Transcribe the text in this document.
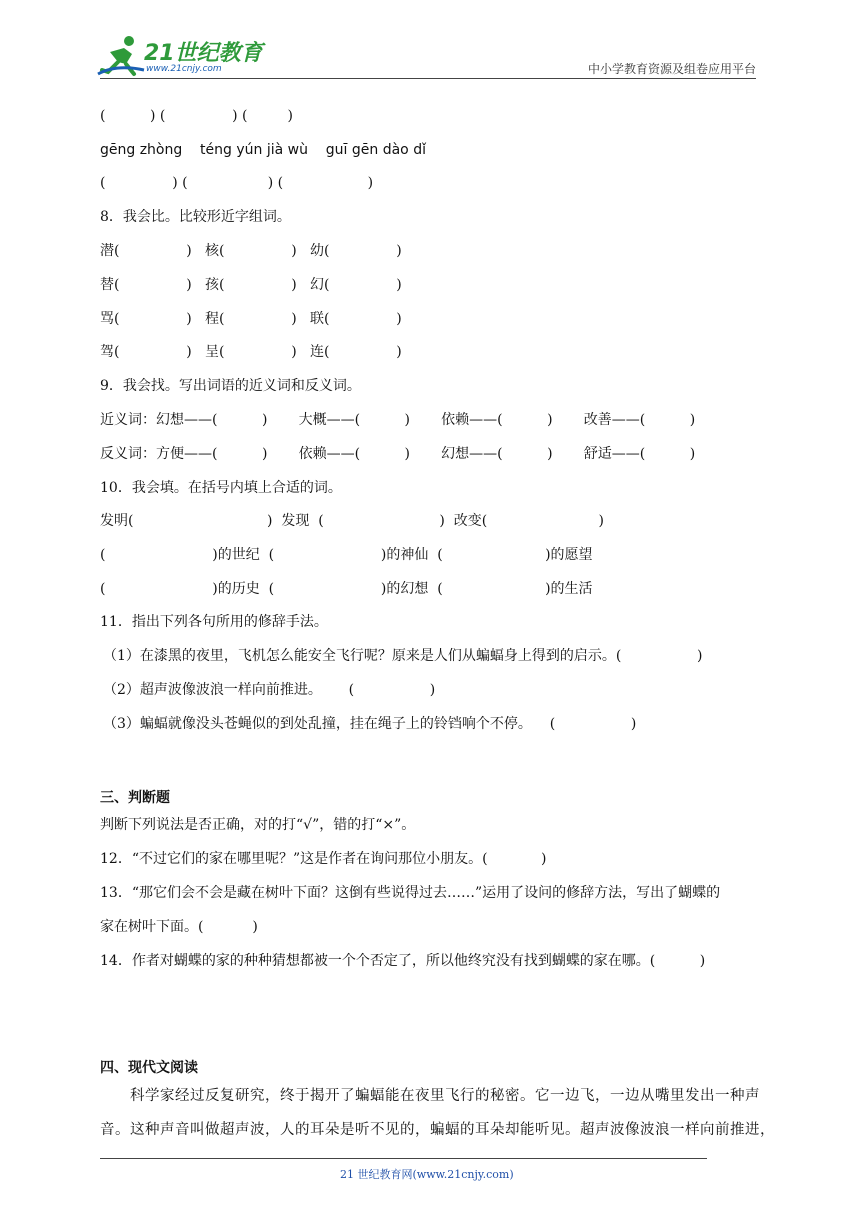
21世纪教育

www.21cnjy.com

	中小学教育资源及组卷应用平台
(          ) (               ) (         )
gēng zhòng    téng yún jià wù    guī gēn dào dǐ
(               ) (                  ) (                   )
8．我会比。比较形近字组词。
潜(               )   核(               )   幼(               )
替(               )   孩(               )   幻(               )
骂(               )   程(               )   联(               )
驾(               )   呈(               )   连(               )
9．我会找。写出词语的近义词和反义词。
近义词：幻想——(          )       大概——(          )       依赖——(          )       改善——(          )
反义词：方便——(          )       依赖——(          )       幻想——(          )       舒适——(          )
10．我会填。在括号内填上合适的词。
发明(                              )  发现  (                          )  改变(                         )
(                        )的世纪  (                        )的神仙  (                       )的愿望
(                        )的历史  (                        )的幻想  (                       )的生活
11．指出下列各句所用的修辞手法。
（1）在漆黑的夜里，飞机怎么能安全飞行呢？原来是人们从蝙蝠身上得到的启示。(                 )
（2）超声波像波浪一样向前推进。      (                 )
（3）蝙蝠就像没头苍蝇似的到处乱撞，挂在绳子上的铃铛响个不停。    (                 )
三、判断题
判断下列说法是否正确，对的打“√”，错的打“×”。
12．“不过它们的家在哪里呢？”这是作者在询问那位小朋友。(            )
13．“那它们会不会是藏在树叶下面？这倒有些说得过去……”运用了设问的修辞方法，写出了蝴蝶的
家在树叶下面。(           )
14．作者对蝴蝶的家的种种猜想都被一个个否定了，所以他终究没有找到蝴蝶的家在哪。(          )
四、现代文阅读
科学家经过反复研究，终于揭开了蝙蝠能在夜里飞行的秘密。它一边飞，一边从嘴里发出一种声
音。这种声音叫做超声波，人的耳朵是听不见的，蝙蝠的耳朵却能听见。超声波像波浪一样向前推进，
21 世纪教育网(www.21cnjy.com)
